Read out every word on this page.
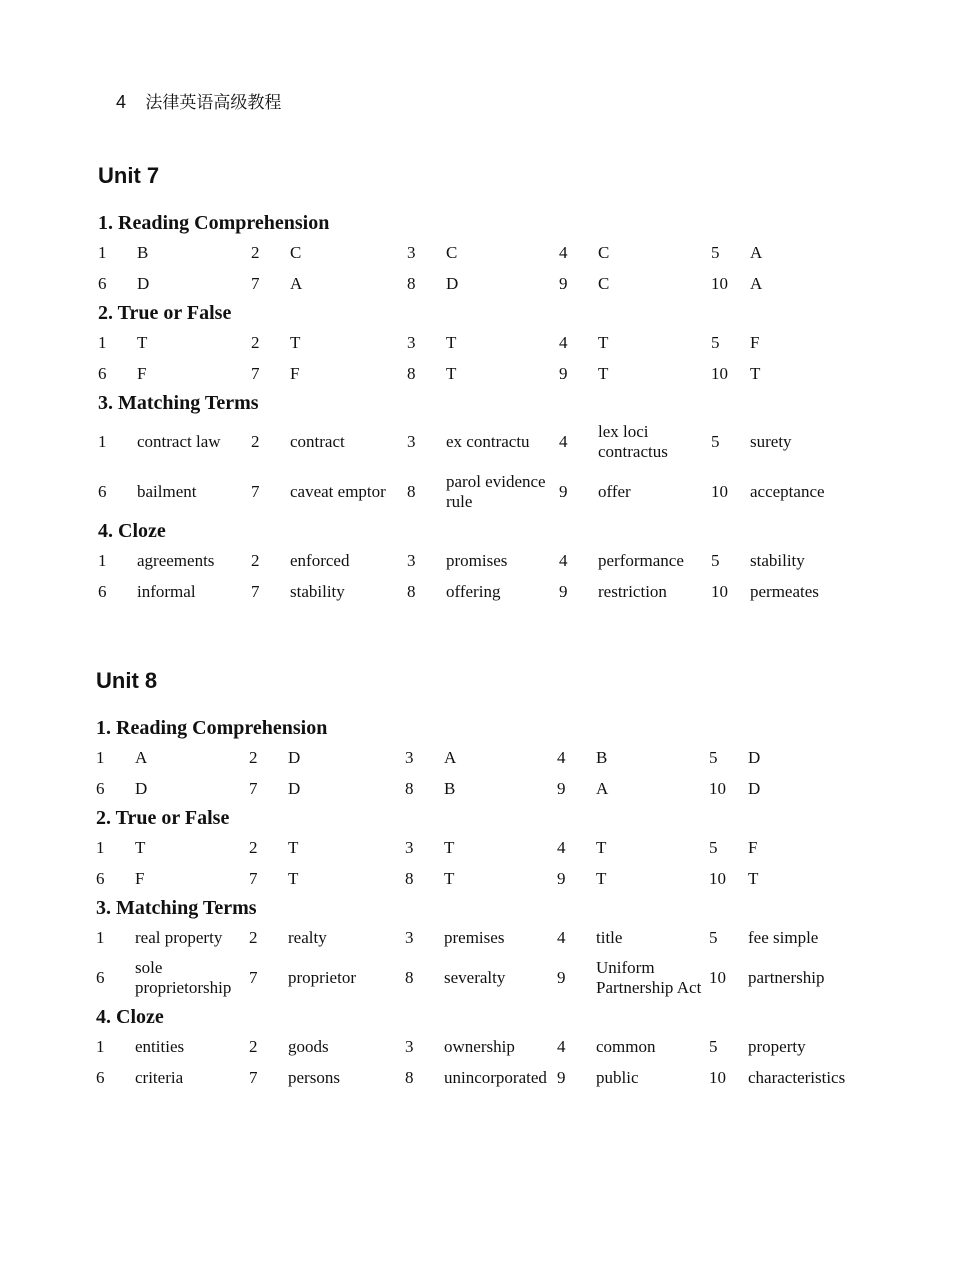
4 法律英语高级教程
Unit 7
1. Reading Comprehension
1	B	2	C	3	C	4	C	5	A
6	D	7	A	8	D	9	C	10	A
2. True or False
1	T	2	T	3	T	4	T	5	F
6	F	7	F	8	T	9	T	10	T
3. Matching Terms
1	contract law	2	contract	3	ex contractu	4	lex loci contractus	5	surety
6	bailment	7	caveat emptor	8	parol evidence rule	9	offer	10	acceptance
4. Cloze
1	agreements	2	enforced	3	promises	4	performance	5	stability
6	informal	7	stability	8	offering	9	restriction	10	permeates
Unit 8
1. Reading Comprehension
1	A	2	D	3	A	4	B	5	D
6	D	7	D	8	B	9	A	10	D
2. True or False
1	T	2	T	3	T	4	T	5	F
6	F	7	T	8	T	9	T	10	T
3. Matching Terms
1	real property	2	realty	3	premises	4	title	5	fee simple
6	sole proprietorship	7	proprietor	8	severalty	9	Uniform Partnership Act	10	partnership
4. Cloze
1	entities	2	goods	3	ownership	4	common	5	property
6	criteria	7	persons	8	unincorporated	9	public	10	characteristics
